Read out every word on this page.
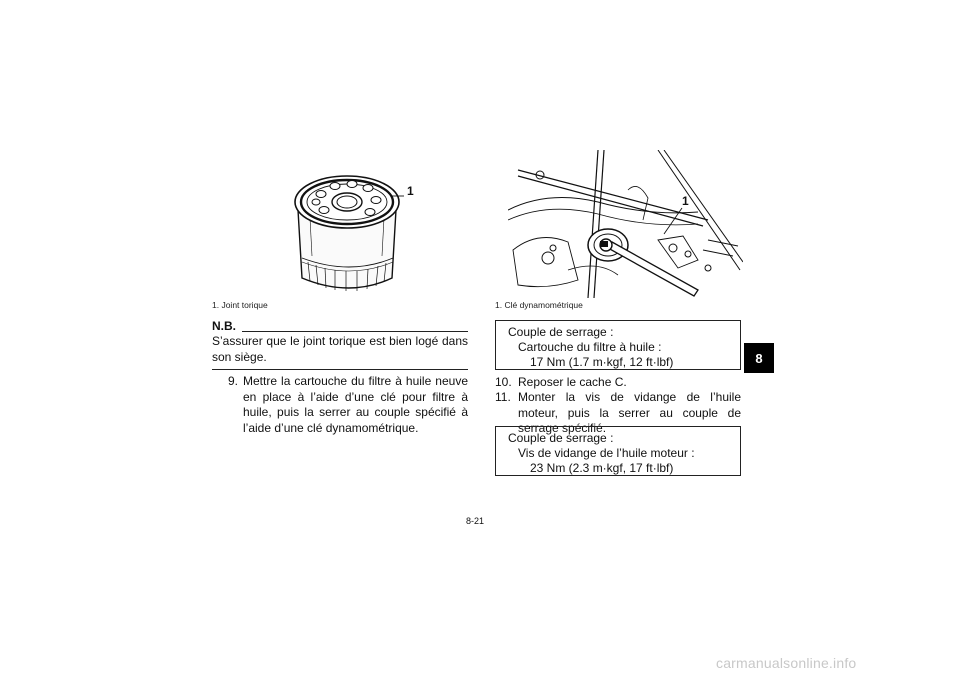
1
1. Joint torique
1
1. Clé dynamométrique
N.B.
S’assurer que le joint torique est bien logé dans son siège.
9. Mettre la cartouche du filtre à huile neuve en place à l’aide d’une clé pour filtre à huile, puis la serrer au couple spécifié à l’aide d’une clé dynamométrique.
Couple de serrage :
Cartouche du filtre à huile :
17 Nm (1.7 m·kgf, 12 ft·lbf)
10. Reposer le cache C.
11. Monter la vis de vidange de l’huile moteur, puis la serrer au couple de serrage spécifié.
Couple de serrage :
Vis de vidange de l’huile moteur :
23 Nm (2.3 m·kgf, 17 ft·lbf)
8
8-21
carmanualsonline.info
